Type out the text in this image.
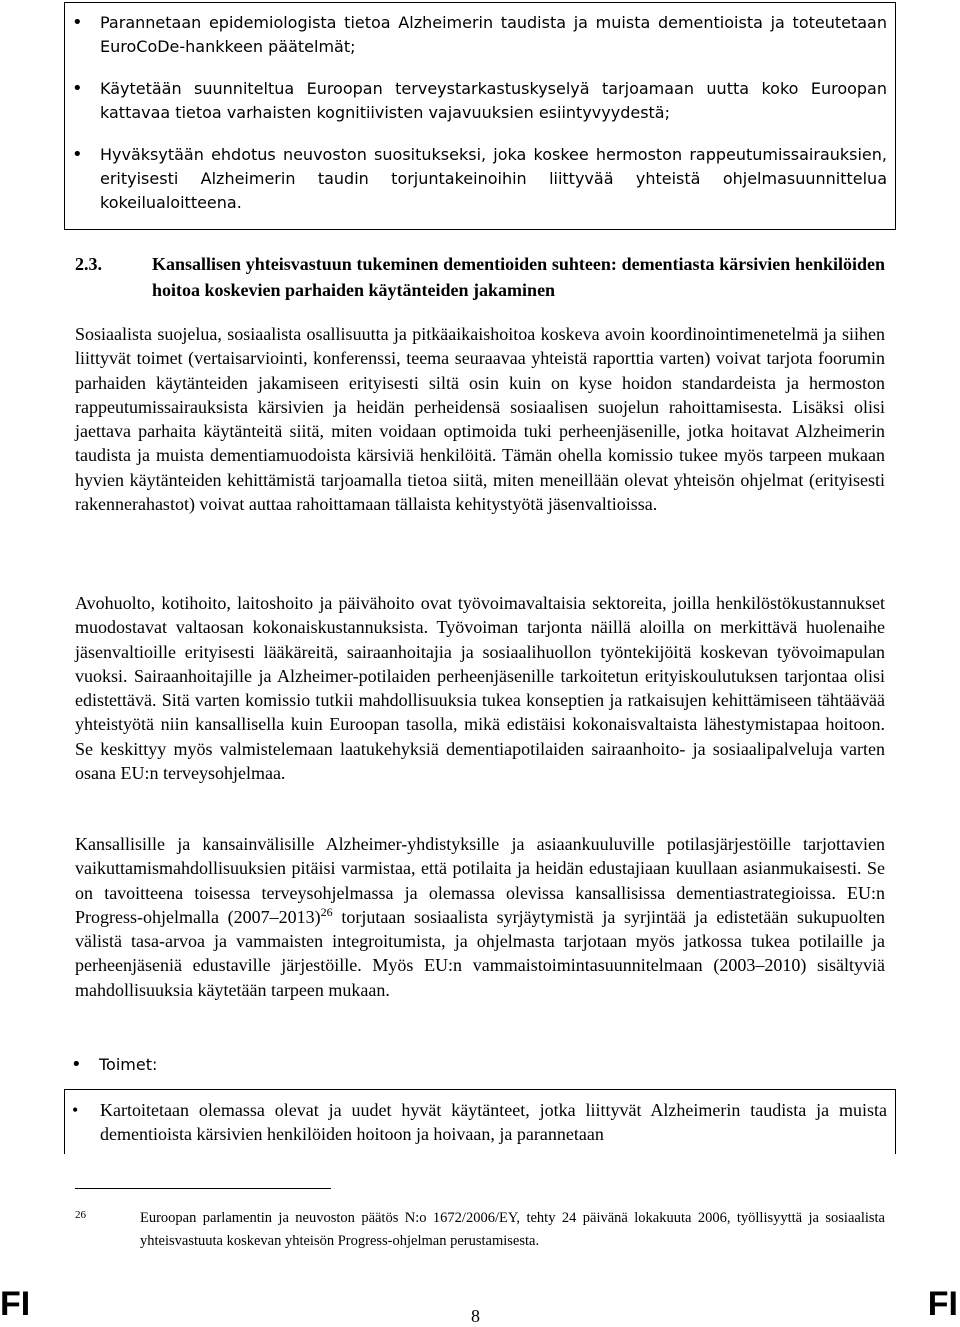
• Parannetaan epidemiologista tietoa Alzheimerin taudista ja muista dementioista ja toteutetaan EuroCoDe-hankkeen päätelmät;
• Käytetään suunniteltua Euroopan terveystarkastuskyselyä tarjoamaan uutta koko Euroopan kattavaa tietoa varhaisten kognitiivisten vajavuuksien esiintyvyydestä;
• Hyväksytään ehdotus neuvoston suositukseksi, joka koskee hermoston rappeutumissairauksien, erityisesti Alzheimerin taudin torjuntakeinoihin liittyvää yhteistä ohjelmasuunnittelua kokeilualoitteena.
2.3.	Kansallisen yhteisvastuun tukeminen dementioiden suhteen: dementiasta kärsivien henkilöiden hoitoa koskevien parhaiden käytänteiden jakaminen
Sosiaalista suojelua, sosiaalista osallisuutta ja pitkäaikaishoitoa koskeva avoin koordinointimenetelmä ja siihen liittyvät toimet (vertaisarviointi, konferenssi, teema seuraavaa yhteistä raporttia varten) voivat tarjota foorumin parhaiden käytänteiden jakamiseen erityisesti siltä osin kuin on kyse hoidon standardeista ja hermoston rappeutumissairauksista kärsivien ja heidän perheidensä sosiaalisen suojelun rahoittamisesta. Lisäksi olisi jaettava parhaita käytänteitä siitä, miten voidaan optimoida tuki perheenjäsenille, jotka hoitavat Alzheimerin taudista ja muista dementiamuodoista kärsiviä henkilöitä. Tämän ohella komissio tukee myös tarpeen mukaan hyvien käytänteiden kehittämistä tarjoamalla tietoa siitä, miten meneillään olevat yhteisön ohjelmat (erityisesti rakennerahastot) voivat auttaa rahoittamaan tällaista kehitystyötä jäsenvaltioissa.
Avohuolto, kotihoito, laitoshoito ja päivähoito ovat työvoimavaltaisia sektoreita, joilla henkilöstökustannukset muodostavat valtaosan kokonaiskustannuksista. Työvoiman tarjonta näillä aloilla on merkittävä huolenaihe jäsenvaltioille erityisesti lääkäreitä, sairaanhoitajia ja sosiaalihuollon työntekijöitä koskevan työvoimapulan vuoksi. Sairaanhoitajille ja Alzheimer-potilaiden perheenjäsenille tarkoitetun erityiskoulutuksen tarjontaa olisi edistettävä. Sitä varten komissio tutkii mahdollisuuksia tukea konseptien ja ratkaisujen kehittämiseen tähtäävää yhteistyötä niin kansallisella kuin Euroopan tasolla, mikä edistäisi kokonaisvaltaista lähestymistapaa hoitoon. Se keskittyy myös valmistelemaan laatukehyksiä dementiapotilaiden sairaanhoito- ja sosiaalipalveluja varten osana EU:n terveysohjelmaa.
Kansallisille ja kansainvälisille Alzheimer-yhdistyksille ja asiaankuuluville potilasjärjestöille tarjottavien vaikuttamismahdollisuuksien pitäisi varmistaa, että potilaita ja heidän edustajiaan kuullaan asianmukaisesti. Se on tavoitteena toisessa terveysohjelmassa ja olemassa olevissa kansallisissa dementiastrategioissa. EU:n Progress-ohjelmalla (2007–2013)$^{26}$ torjutaan sosiaalista syrjäytymistä ja syrjintää ja edistetään sukupuolten välistä tasa-arvoa ja vammaisten integroitumista, ja ohjelmasta tarjotaan myös jatkossa tukea potilaille ja perheenjäseniä edustaville järjestöille. Myös EU:n vammaistoimintasuunnitelmaan (2003–2010) sisältyviä mahdollisuuksia käytetään tarpeen mukaan.
• Toimet:
• Kartoitetaan olemassa olevat ja uudet hyvät käytänteet, jotka liittyvät Alzheimerin taudista ja muista dementioista kärsivien henkilöiden hoitoon ja hoivaan, ja parannetaan
26	Euroopan parlamentin ja neuvoston päätös N:o 1672/2006/EY, tehty 24 päivänä lokakuuta 2006, työllisyyttä ja sosiaalista yhteisvastuuta koskevan yhteisön Progress-ohjelman perustamisesta.
FI	8	FI
